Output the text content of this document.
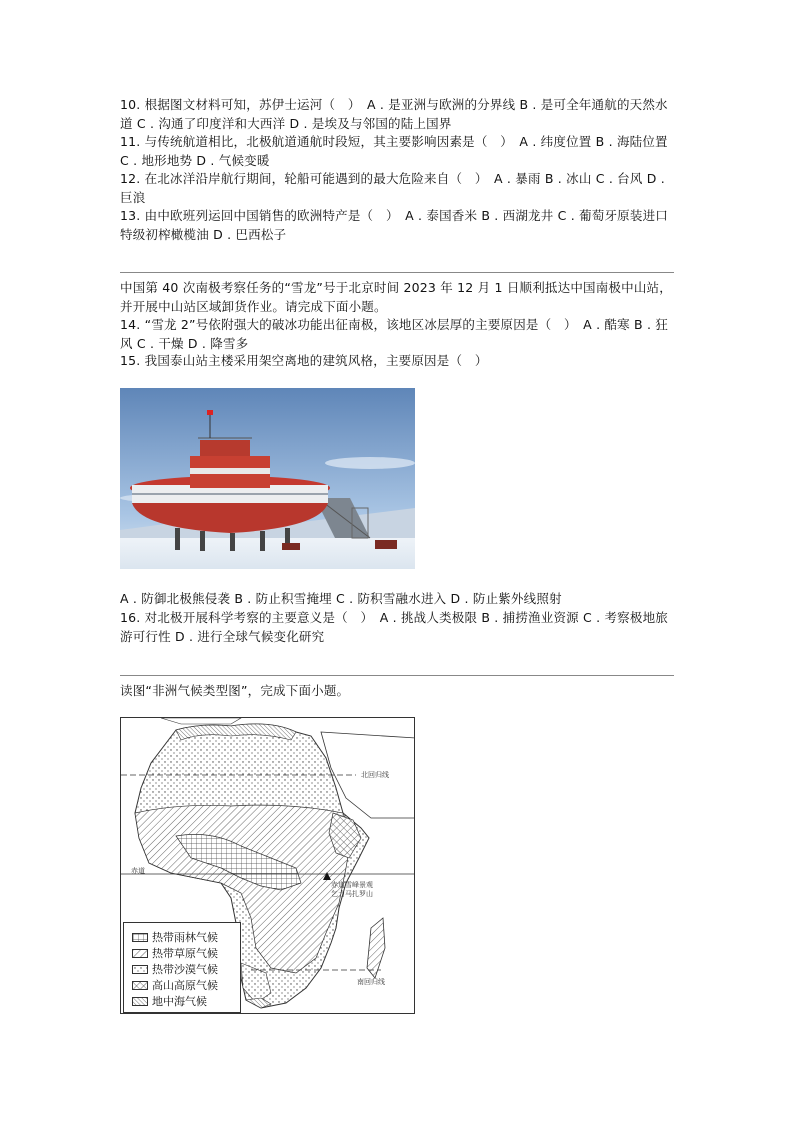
10. 根据图文材料可知，苏伊士运河（　）　A . 是亚洲与欧洲的分界线 B . 是可全年通航的天然水道 C . 沟通了印度洋和大西洋 D . 是埃及与邻国的陆上国界
11. 与传统航道相比，北极航道通航时段短，其主要影响因素是（　）　A . 纬度位置 B . 海陆位置 C . 地形地势 D . 气候变暖
12. 在北冰洋沿岸航行期间，轮船可能遇到的最大危险来自（　）　A . 暴雨 B . 冰山 C . 台风 D . 巨浪
13. 由中欧班列运回中国销售的欧洲特产是（　）　A . 泰国香米 B . 西湖龙井 C . 葡萄牙原装进口特级初榨橄榄油 D . 巴西松子
中国第 40 次南极考察任务的“雪龙”号于北京时间 2023 年 12 月 1 日顺利抵达中国南极中山站，并开展中山站区域卸货作业。请完成下面小题。
14. “雪龙 2”号依附强大的破冰功能出征南极，该地区冰层厚的主要原因是（　）　A . 酷寒 B . 狂风 C . 干燥 D . 降雪多
15. 我国泰山站主楼采用架空离地的建筑风格，主要原因是（　）
A . 防御北极熊侵袭 B . 防止积雪掩埋 C . 防积雪融水进入 D . 防止紫外线照射
16. 对北极开展科学考察的主要意义是（　）　A . 挑战人类极限 B . 捕捞渔业资源 C . 考察极地旅游可行性 D . 进行全球气候变化研究
读图“非洲气候类型图”，完成下面小题。
北回归线
赤道
南回归线
赤道雪峰景观
乞力马扎罗山
热带雨林气候
热带草原气候
热带沙漠气候
高山高原气候
地中海气候
